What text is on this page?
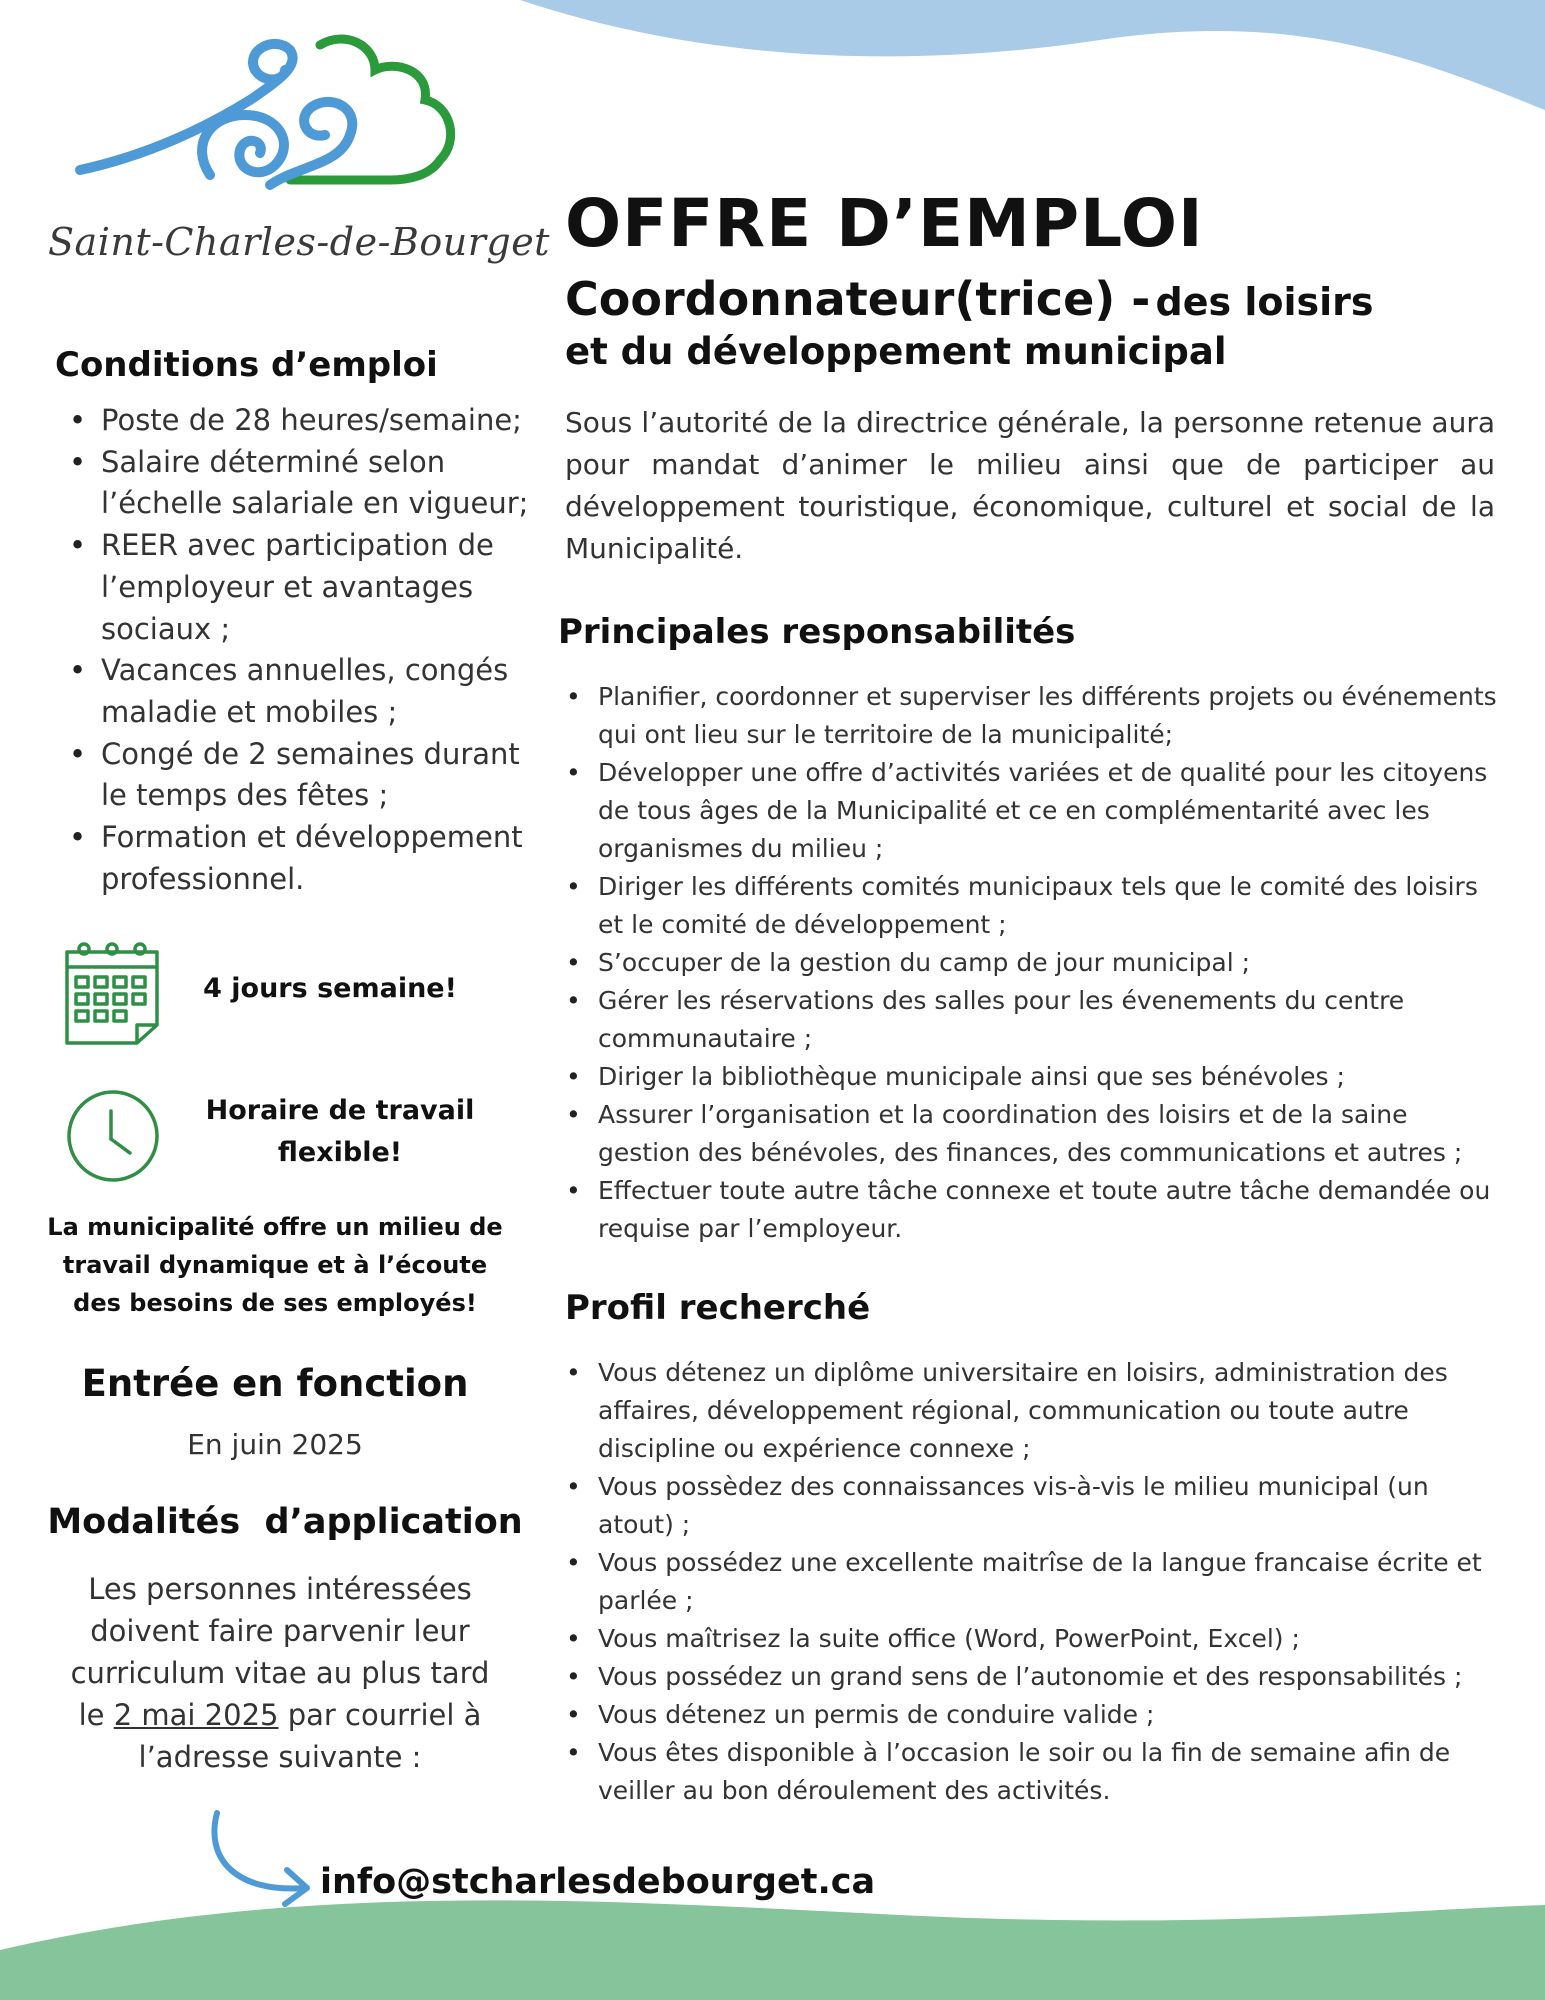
Saint-Charles-de-Bourget OFFRE D’EMPLOI
Coordonnateur(trice) - des loisirs
et du développement municipal

Sous l’autorité de la directrice générale, la personne retenue aura pour mandat d’animer le milieu ainsi que de participer au développement touristique, économique, culturel et social de la Municipalité.

Principales responsabilités
• Planifier, coordonner et superviser les différents projets ou événements qui ont lieu sur le territoire de la municipalité;
• Développer une offre d’activités variées et de qualité pour les citoyens de tous âges de la Municipalité et ce en complémentarité avec les organismes du milieu ;
• Diriger les différents comités municipaux tels que le comité des loisirs et le comité de développement ;
• S’occuper de la gestion du camp de jour municipal ;
• Gérer les réservations des salles pour les évenements du centre communautaire ;
• Diriger la bibliothèque municipale ainsi que ses bénévoles ;
• Assurer l’organisation et la coordination des loisirs et de la saine gestion des bénévoles, des finances, des communications et autres ;
• Effectuer toute autre tâche connexe et toute autre tâche demandée ou requise par l’employeur.
Profil recherché
• Vous détenez un diplôme universitaire en loisirs, administration des affaires, développement régional, communication ou toute autre discipline ou expérience connexe ;
• Vous possèdez des connaissances vis-à-vis le milieu municipal (un atout) ;
• Vous possédez une excellente maitrîse de la langue francaise écrite et parlée ;
• Vous maîtrisez la suite office (Word, PowerPoint, Excel) ;
• Vous possédez un grand sens de l’autonomie et des responsabilités ;
• Vous détenez un permis de conduire valide ;
• Vous êtes disponible à l’occasion le soir ou la fin de semaine afin de veiller au bon déroulement des activités.
Conditions d’emploi
• Poste de 28 heures/semaine;
• Salaire déterminé selon l’échelle salariale en vigueur;
• REER avec participation de l’employeur et avantages sociaux ;
• Vacances annuelles, congés maladie et mobiles ;
• Congé de 2 semaines durant le temps des fêtes ;
• Formation et développement professionnel.
4 jours semaine!
Horaire de travail flexible!
La municipalité offre un milieu de travail dynamique et à l’écoute des besoins de ses employés!
Entrée en fonction
En juin 2025
Modalités  d’application
Les personnes intéressées doivent faire parvenir leur curriculum vitae au plus tard le 2 mai 2025 par courriel à l’adresse suivante :
info@stcharlesdebourget.ca
